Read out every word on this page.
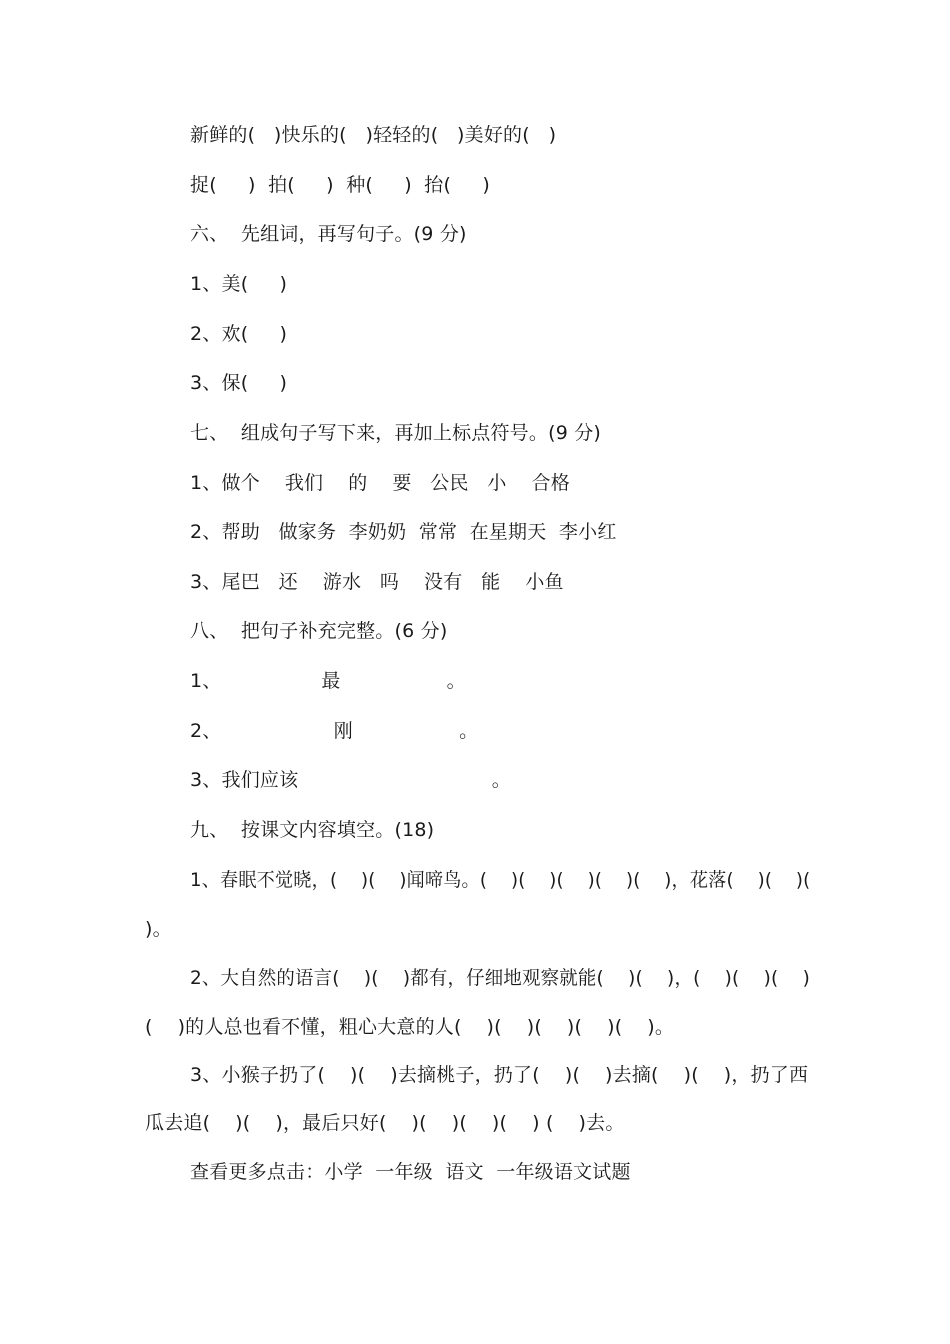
新鲜的(   )快乐的(   )轻轻的(   )美好的(   )
捉(     )  拍(     )  种(     )  抬(     )
六、  先组词，再写句子。(9 分)
1、美(     )
2、欢(     )
3、保(     )
七、  组成句子写下来，再加上标点符号。(9 分)
1、做个    我们    的    要   公民   小    合格
2、帮助   做家务  李奶奶  常常  在星期天  李小红
3、尾巴   还    游水   吗    没有   能    小鱼
八、  把句子补充完整。(6 分)
1、                最                 。
2、                  刚                 。
3、我们应该                               。
九、  按课文内容填空。(18)
1、春眠不觉晓，(    )(    )闻啼鸟。(    )(    )(    )(    )(    )，花落(    )(    )(
)。
2、大自然的语言(    )(    )都有，仔细地观察就能(    )(    )，(    )(    )(    )
(    )的人总也看不懂，粗心大意的人(    )(    )(    )(    )(    )。
3、小猴子扔了(    )(    )去摘桃子，扔了(    )(    )去摘(    )(    )，扔了西
瓜去追(    )(    )，最后只好(    )(    )(    )(    ) (    )去。
查看更多点击：小学  一年级  语文  一年级语文试题
